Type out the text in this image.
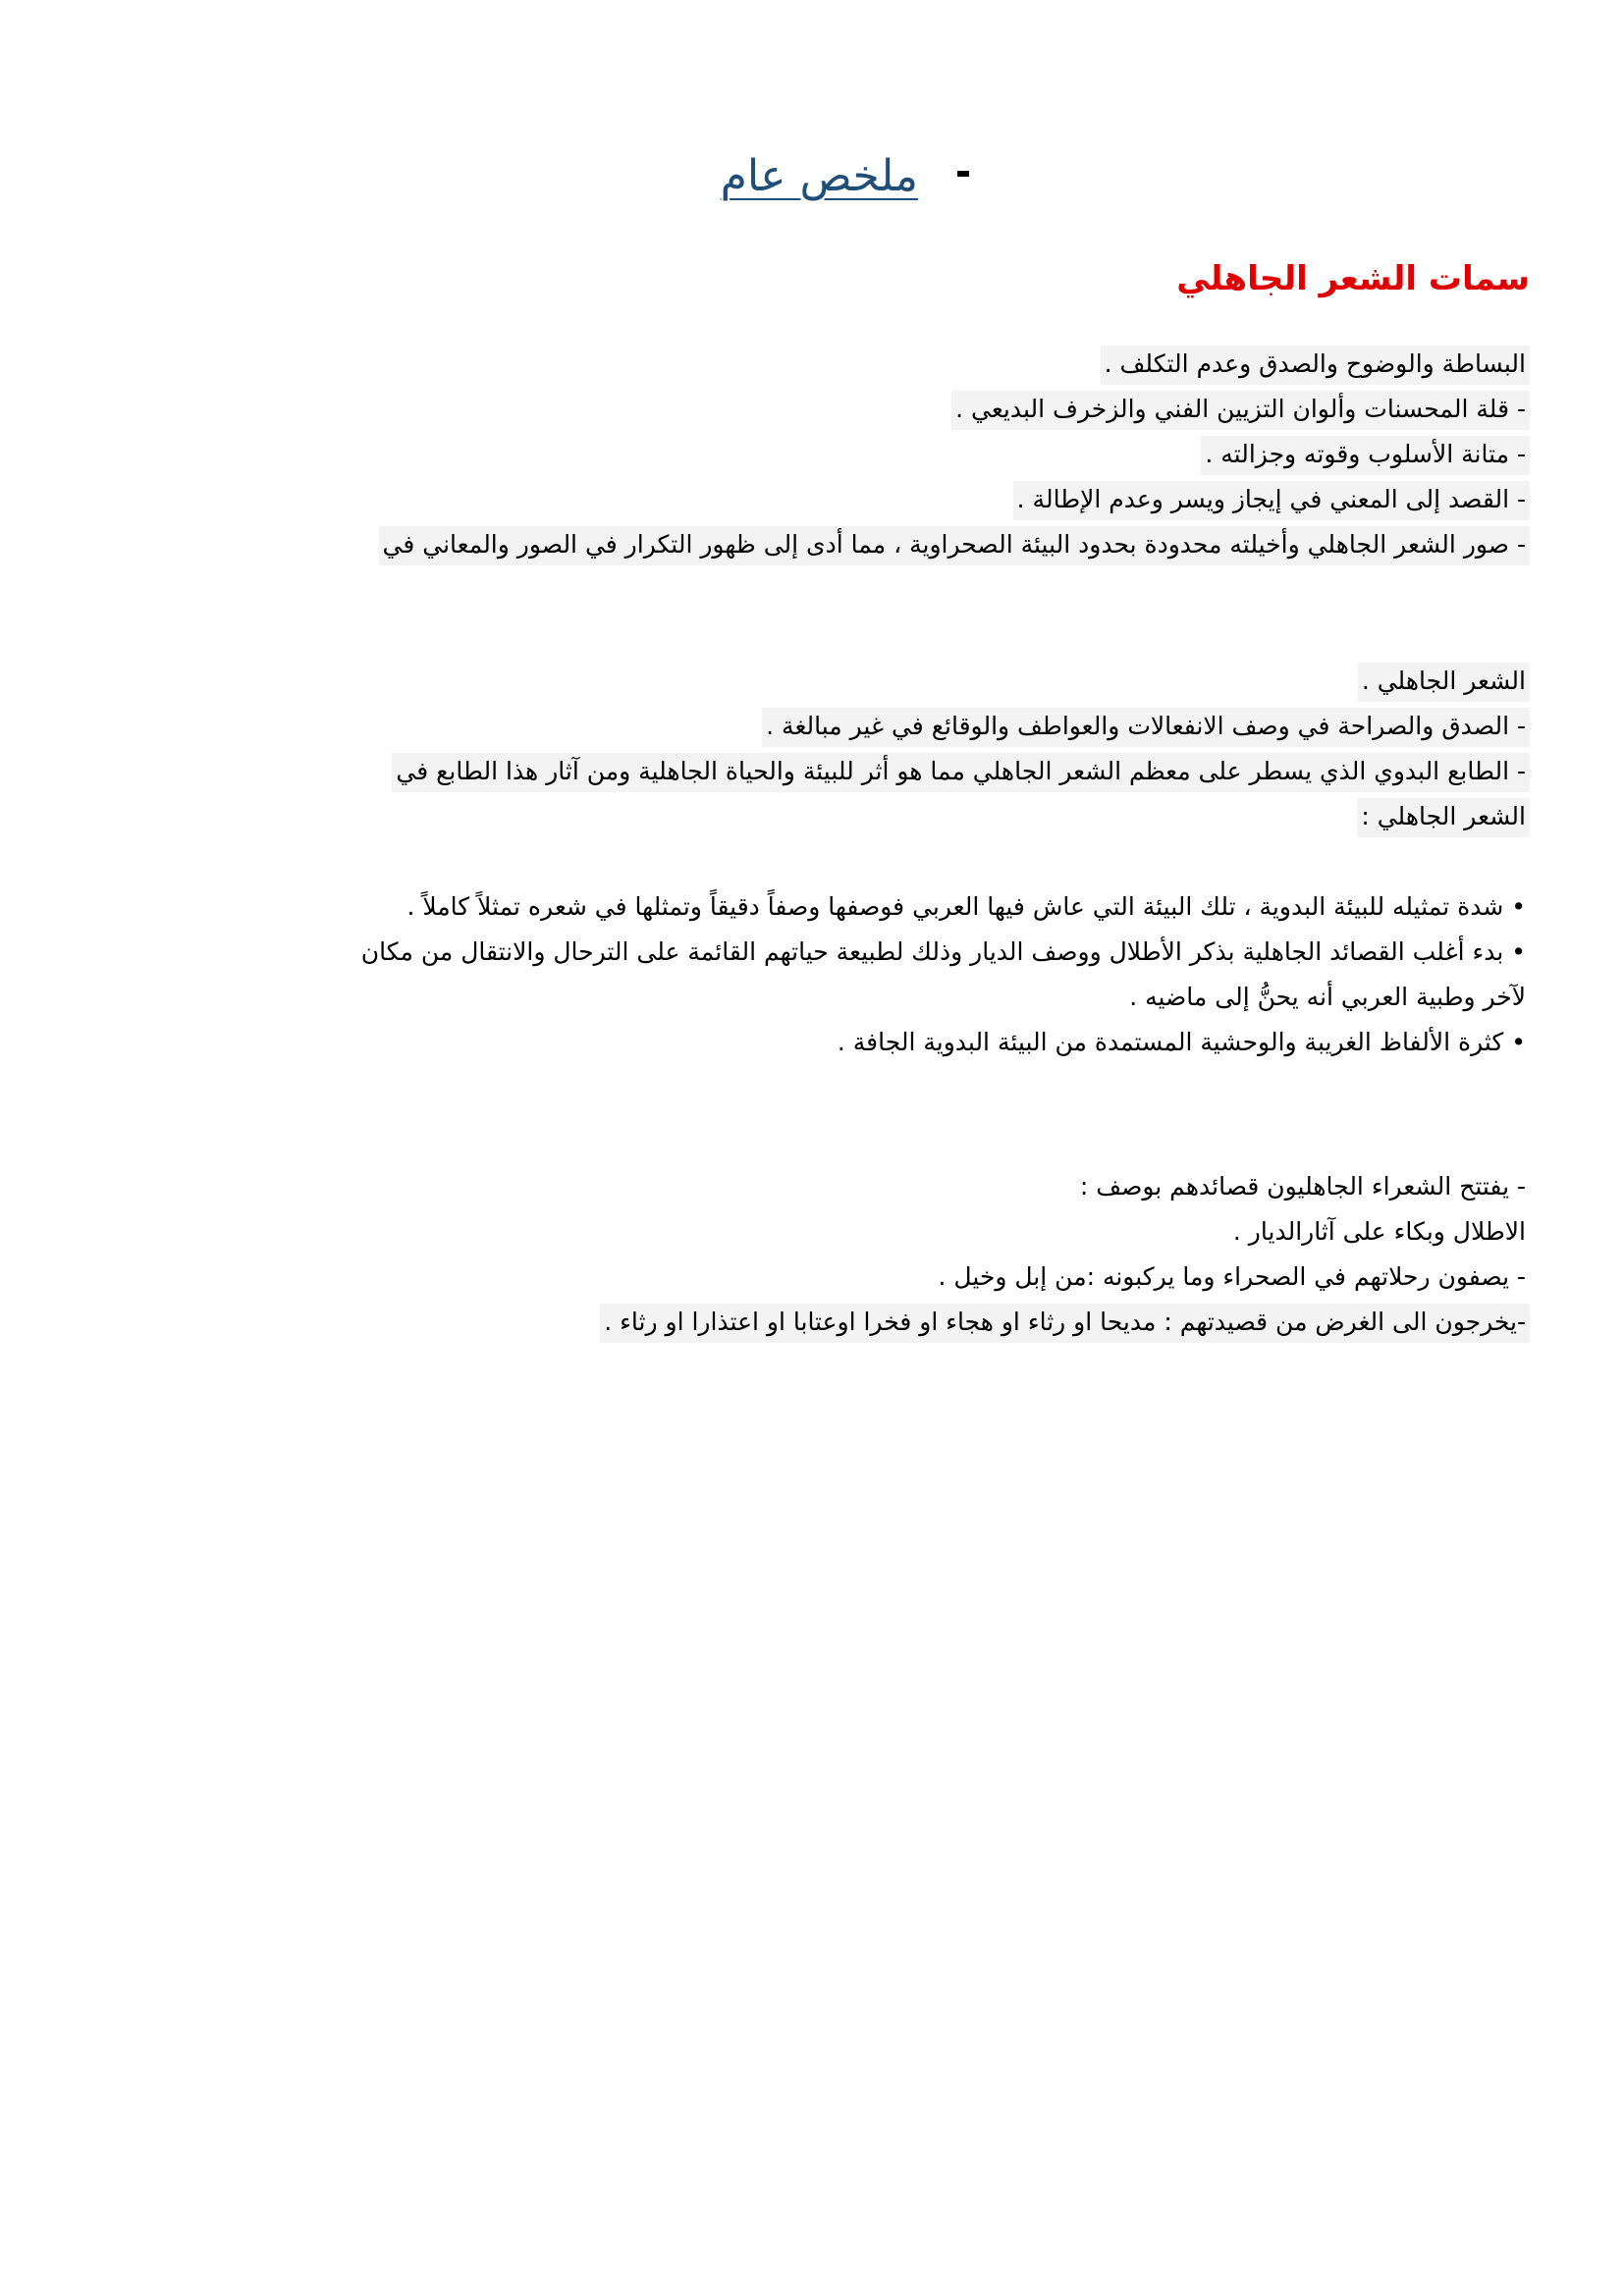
ملخص عام
سمات الشعر الجاهلي
البساطة والوضوح والصدق وعدم التكلف .
- قلة المحسنات وألوان التزيين الفني والزخرف البديعي .
- متانة الأسلوب وقوته وجزالته .
- القصد إلى المعني في إيجاز ويسر وعدم الإطالة .
- صور الشعر الجاهلي وأخيلته محدودة بحدود البيئة الصحراوية ، مما أدى إلى ظهور التكرار في الصور والمعاني في
الشعر الجاهلي .
- الصدق والصراحة في وصف الانفعالات والعواطف والوقائع في غير مبالغة .
- الطابع البدوي الذي يسطر على معظم الشعر الجاهلي مما هو أثر للبيئة والحياة الجاهلية ومن آثار هذا الطابع في
الشعر الجاهلي :
• شدة تمثيله للبيئة البدوية ، تلك البيئة التي عاش فيها العربي فوصفها وصفاً دقيقاً وتمثلها في شعره تمثلاً كاملاً .
• بدء أغلب القصائد الجاهلية بذكر الأطلال ووصف الديار وذلك لطبيعة حياتهم القائمة على الترحال والانتقال من مكان
لآخر وطبية العربي أنه يحنُّ إلى ماضيه .
• كثرة الألفاظ الغريبة والوحشية المستمدة من البيئة البدوية الجافة .
- يفتتح الشعراء الجاهليون قصائدهم بوصف :
الاطلال وبكاء على آثارالديار .
- يصفون رحلاتهم في الصحراء وما يركبونه :من إبل وخيل .
-يخرجون الى الغرض من قصيدتهم : مديحا او رثاء او هجاء او فخرا اوعتابا او اعتذارا او رثاء .
